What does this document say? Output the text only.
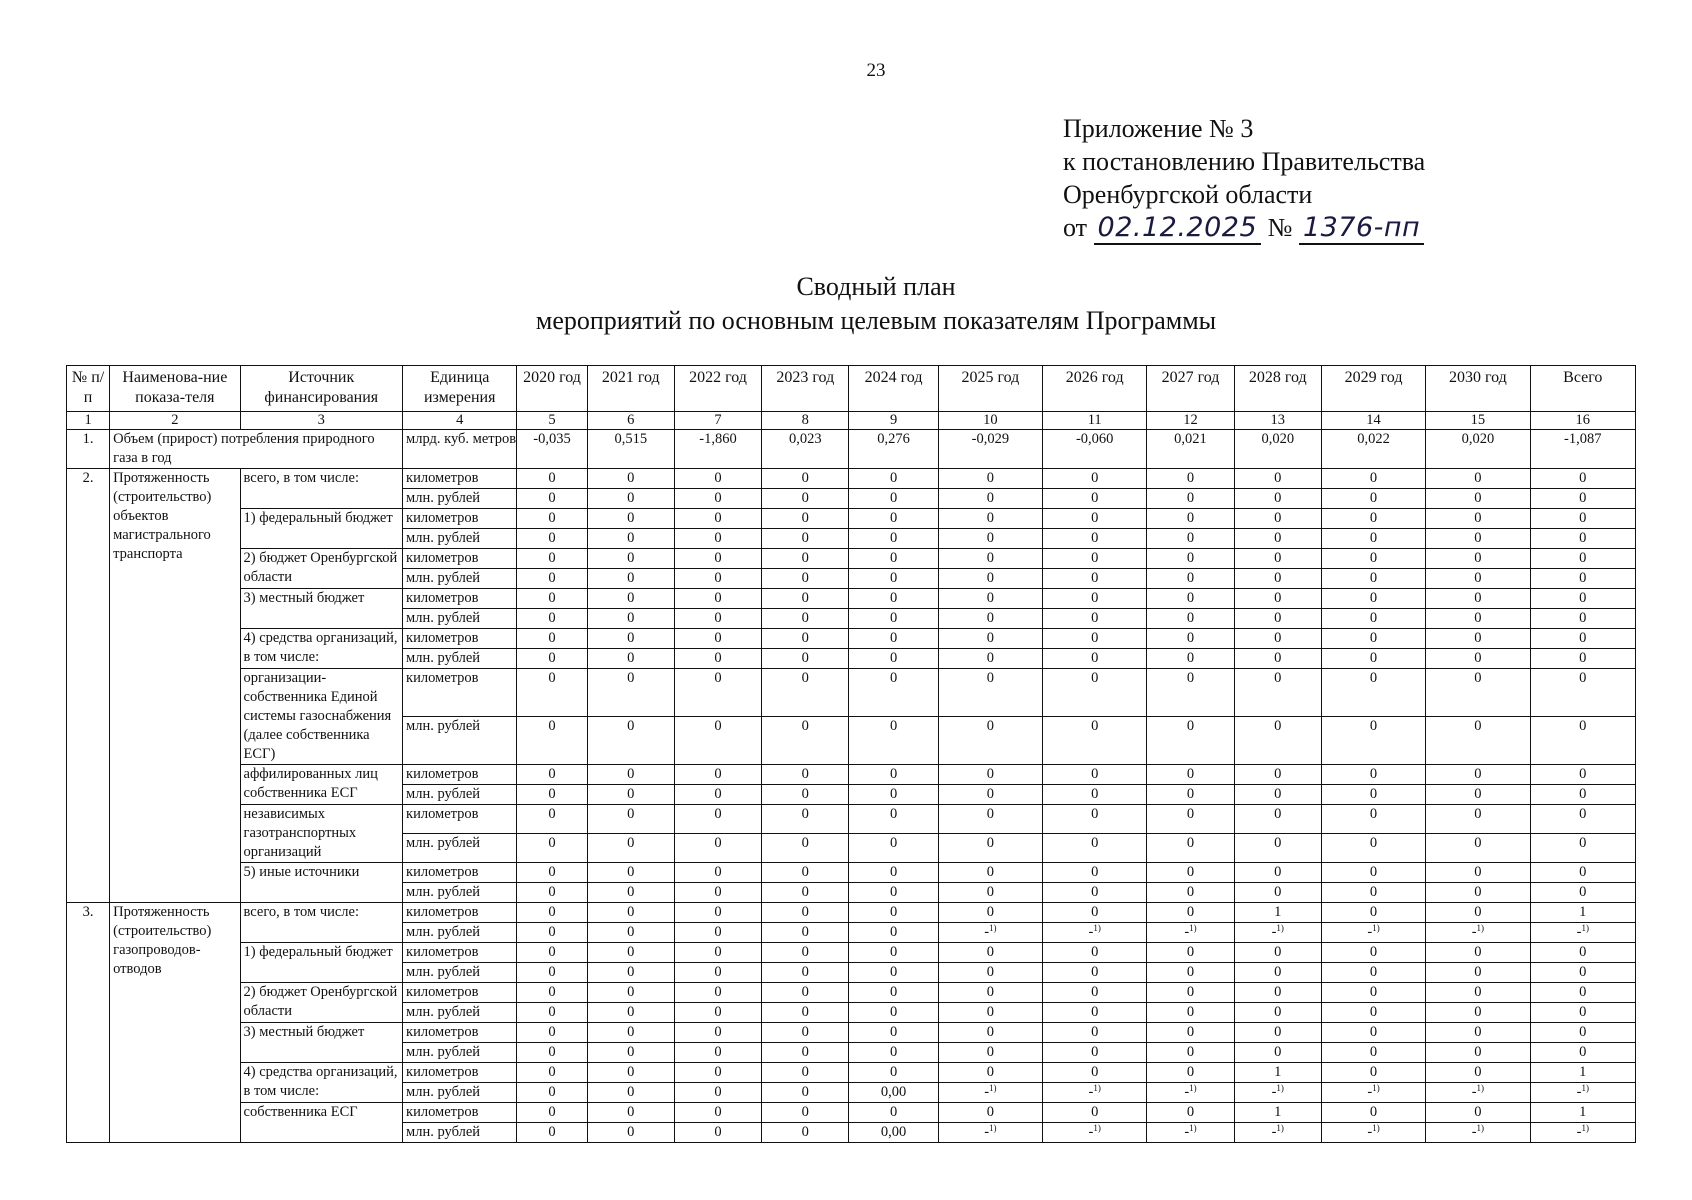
23
Приложение № 3
к постановлению Правительства
Оренбургской области
от 02.12.2025 № 1376-пп
Сводный план
мероприятий по основным целевым показателям Программы
№ п/п	Наименова-ние показа-теля	Источник финансирования	Единица измерения	2020 год	2021 год	2022 год	2023 год	2024 год	2025 год	2026 год	2027 год	2028 год	2029 год	2030 год	Всего
1	2	3	4	5	6	7	8	9	10	11	12	13	14	15	16
1.	Объем (прирост) потребления природного газа в год		млрд. куб. метров	-0,035	0,515	-1,860	0,023	0,276	-0,029	-0,060	0,021	0,020	0,022	0,020	-1,087
2.	Протяженность (строительство) объектов магистрального транспорта	всего, в том числе:	километров	0	0	0	0	0	0	0	0	0	0	0	0
			млн. рублей	0	0	0	0	0	0	0	0	0	0	0	0
		1) федеральный бюджет	километров	0	0	0	0	0	0	0	0	0	0	0	0
			млн. рублей	0	0	0	0	0	0	0	0	0	0	0	0
		2) бюджет Оренбургской области	километров	0	0	0	0	0	0	0	0	0	0	0	0
			млн. рублей	0	0	0	0	0	0	0	0	0	0	0	0
		3) местный бюджет	километров	0	0	0	0	0	0	0	0	0	0	0	0
			млн. рублей	0	0	0	0	0	0	0	0	0	0	0	0
		4) средства организаций, в том числе:	километров	0	0	0	0	0	0	0	0	0	0	0	0
			млн. рублей	0	0	0	0	0	0	0	0	0	0	0	0
		организации-собственника Единой системы газоснабжения (далее собственника ЕСГ)	километров	0	0	0	0	0	0	0	0	0	0	0	0
			млн. рублей	0	0	0	0	0	0	0	0	0	0	0	0
		аффилированных лиц собственника ЕСГ	километров	0	0	0	0	0	0	0	0	0	0	0	0
			млн. рублей	0	0	0	0	0	0	0	0	0	0	0	0
		независимых газотранспортных организаций	километров	0	0	0	0	0	0	0	0	0	0	0	0
			млн. рублей	0	0	0	0	0	0	0	0	0	0	0	0
		5) иные источники	километров	0	0	0	0	0	0	0	0	0	0	0	0
			млн. рублей	0	0	0	0	0	0	0	0	0	0	0	0
3.	Протяженность (строительство) газопроводов-отводов	всего, в том числе:	километров	0	0	0	0	0	0	0	0	1	0	0	1
			млн. рублей	0	0	0	0	0	-$^{1)}$	-$^{1)}$	-$^{1)}$	-$^{1)}$	-$^{1)}$	-$^{1)}$	-$^{1)}$
		1) федеральный бюджет	километров	0	0	0	0	0	0	0	0	0	0	0	0
			млн. рублей	0	0	0	0	0	0	0	0	0	0	0	0
		2) бюджет Оренбургской области	километров	0	0	0	0	0	0	0	0	0	0	0	0
			млн. рублей	0	0	0	0	0	0	0	0	0	0	0	0
		3) местный бюджет	километров	0	0	0	0	0	0	0	0	0	0	0	0
			млн. рублей	0	0	0	0	0	0	0	0	0	0	0	0
		4) средства организаций, в том числе:	километров	0	0	0	0	0	0	0	0	1	0	0	1
			млн. рублей	0	0	0	0	0,00	-$^{1)}$	-$^{1)}$	-$^{1)}$	-$^{1)}$	-$^{1)}$	-$^{1)}$	-$^{1)}$
		собственника ЕСГ	километров	0	0	0	0	0	0	0	0	1	0	0	1
			млн. рублей	0	0	0	0	0,00	-$^{1)}$	-$^{1)}$	-$^{1)}$	-$^{1)}$	-$^{1)}$	-$^{1)}$	-$^{1)}$
